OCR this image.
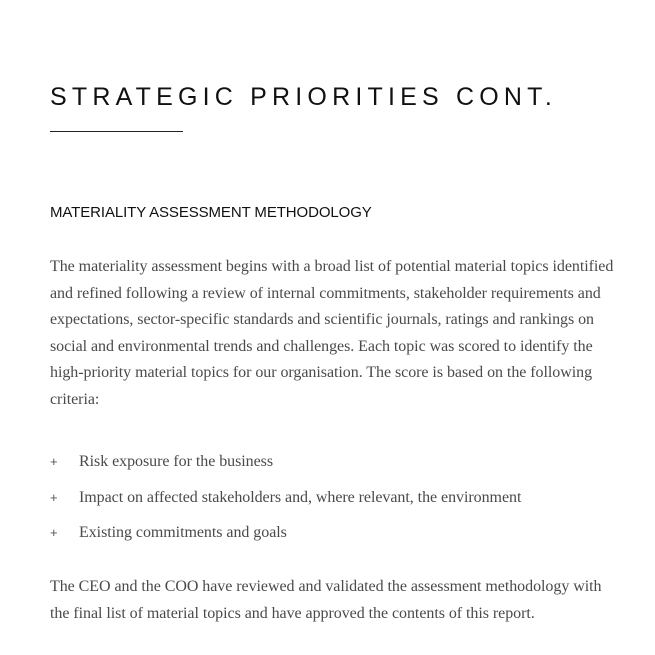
STRATEGIC PRIORITIES CONT.
MATERIALITY ASSESSMENT METHODOLOGY

The materiality assessment begins with a broad list of potential material topics identified and refined following a review of internal commitments, stakeholder requirements and expectations, sector-specific standards and scientific journals, ratings and rankings on social and environmental trends and challenges. Each topic was scored to identify the high-priority material topics for our organisation. The score is based on the following criteria:

+	Risk exposure for the business
+	Impact on affected stakeholders and, where relevant, the environment
+	Existing commitments and goals

The CEO and the COO have reviewed and validated the assessment methodology with the final list of material topics and have approved the contents of this report.
